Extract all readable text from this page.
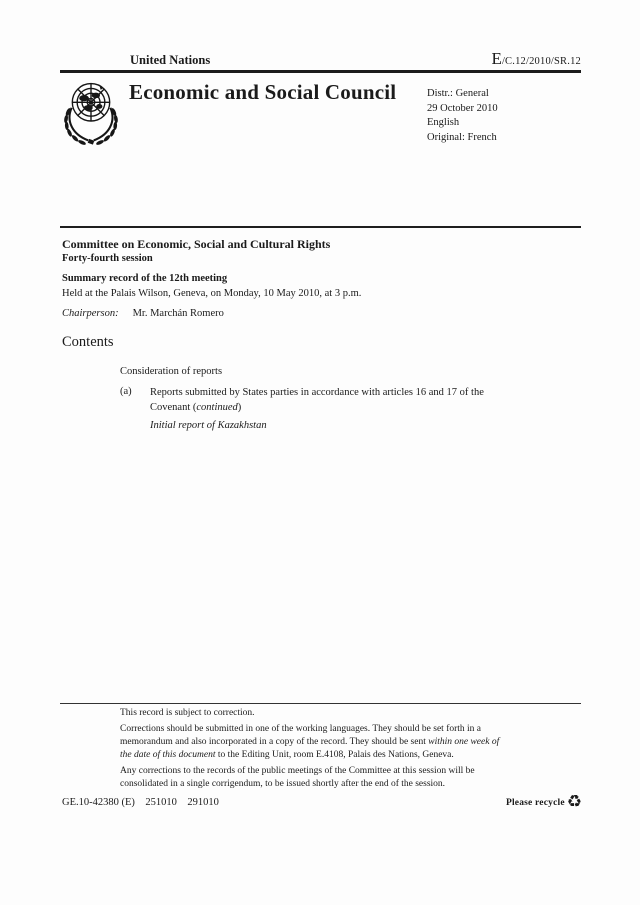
United Nations	E/C.12/2010/SR.12
Economic and Social Council	Distr.: General
29 October 2010
English
Original: French
Committee on Economic, Social and Cultural Rights
Forty-fourth session
Summary record of the 12th meeting
Held at the Palais Wilson, Geneva, on Monday, 10 May 2010, at 3 p.m.
Chairperson: Mr. Marchán Romero
Contents
Consideration of reports
(a) Reports submitted by States parties in accordance with articles 16 and 17 of the Covenant (continued)
Initial report of Kazakhstan
This record is subject to correction.
Corrections should be submitted in one of the working languages. They should be set forth in a memorandum and also incorporated in a copy of the record. They should be sent within one week of the date of this document to the Editing Unit, room E.4108, Palais des Nations, Geneva.
Any corrections to the records of the public meetings of the Committee at this session will be consolidated in a single corrigendum, to be issued shortly after the end of the session.
GE.10-42380 (E)    251010    291010	Please recycle ♻
